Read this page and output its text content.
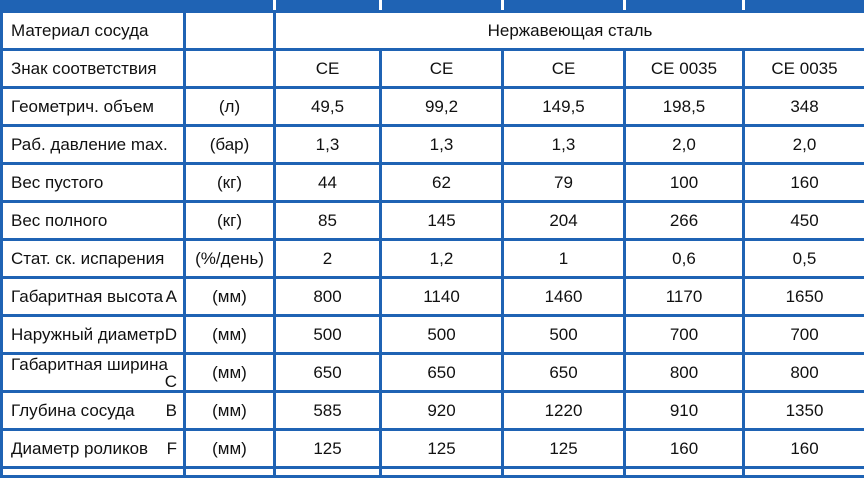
Материал сосуда		Нержавеющая сталь				
Знак соответствия		CE	CE	CE	CE 0035	CE 0035
Геометрич. объем	(л)	49,5	99,2	149,5	198,5	348
Раб. давление max.	(бар)	1,3	1,3	1,3	2,0	2,0
Вес пустого	(кг)	44	62	79	100	160
Вес полного	(кг)	85	145	204	266	450
Стат. ск. испарения	(%/день)	2	1,2	1	0,6	0,5
Габаритная высота A	(мм)	800	1140	1460	1170	1650
Наружный диаметр D	(мм)	500	500	500	700	700
Габаритная ширина
C	(мм)	650	650	650	800	800
Глубина сосуда B	(мм)	585	920	1220	910	1350
Диаметр роликов F	(мм)	125	125	125	160	160
